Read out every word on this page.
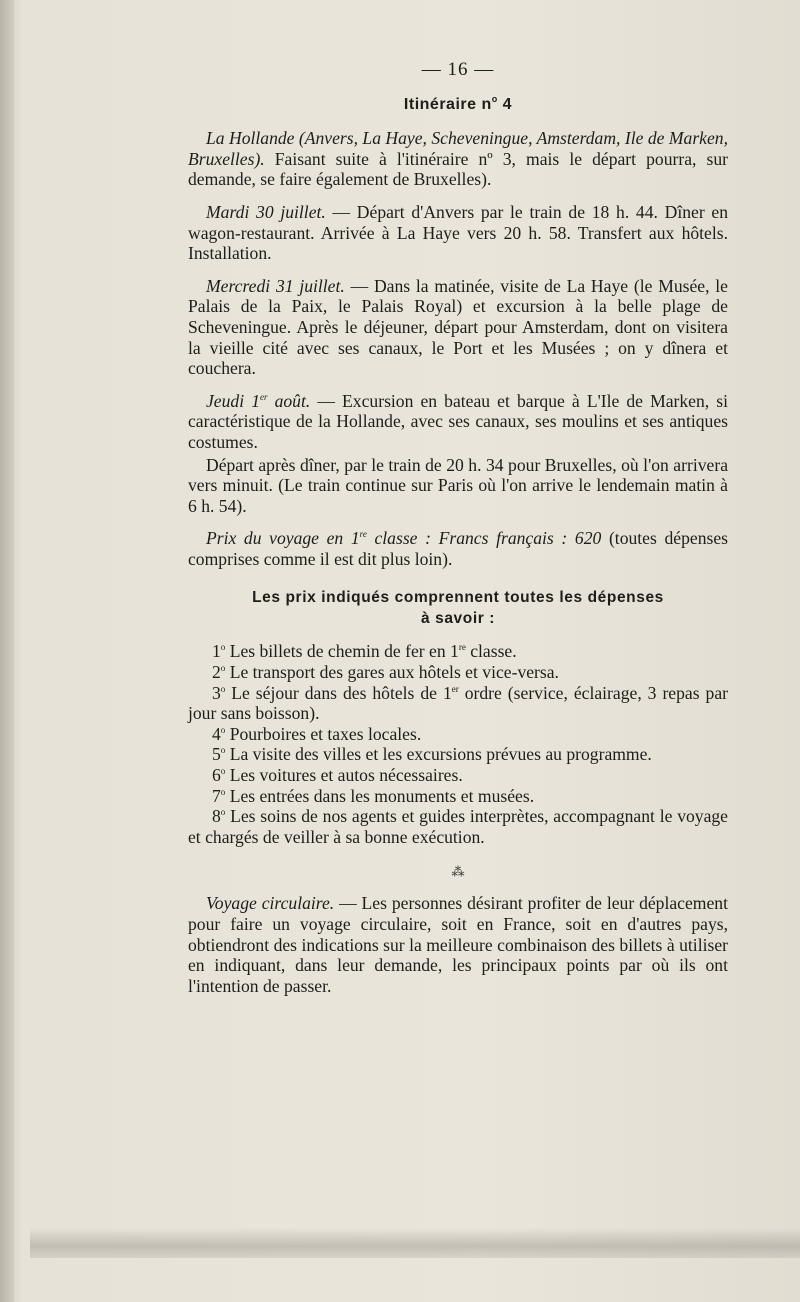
— 16 —
Itinéraire $n^o$ 4

La Hollande (Anvers, La Haye, Scheveningue, Amsterdam, Ile de Marken, Bruxelles). Faisant suite à l'itinéraire nº 3, mais le départ pourra, sur demande, se faire également de Bruxelles).

Mardi 30 juillet. — Départ d'Anvers par le train de 18 h. 44. Dîner en wagon-restaurant. Arrivée à La Haye vers 20 h. 58. Transfert aux hôtels. Installation.

Mercredi 31 juillet. — Dans la matinée, visite de La Haye (le Musée, le Palais de la Paix, le Palais Royal) et excursion à la belle plage de Scheveningue. Après le déjeuner, départ pour Amsterdam, dont on visitera la vieille cité avec ses canaux, le Port et les Musées ; on y dînera et couchera.

Jeudi 1er août. — Excursion en bateau et barque à L'Ile de Marken, si caractéristique de la Hollande, avec ses canaux, ses moulins et ses antiques costumes.

Départ après dîner, par le train de 20 h. 34 pour Bruxelles, où l'on arrivera vers minuit. (Le train continue sur Paris où l'on arrive le lendemain matin à 6 h. 54).

Prix du voyage en 1re classe : Francs français : 620 (toutes dépenses comprises comme il est dit plus loin).

Les prix indiqués comprennent toutes les dépenses
à savoir :

1$^o$ Les billets de chemin de fer en 1re classe.

2$^o$ Le transport des gares aux hôtels et vice-versa.

3$^o$ Le séjour dans des hôtels de 1er ordre (service, éclairage, 3 repas par jour sans boisson).

4$^o$ Pourboires et taxes locales.

5$^o$ La visite des villes et les excursions prévues au programme.

6$^o$ Les voitures et autos nécessaires.

7$^o$ Les entrées dans les monuments et musées.

8$^o$ Les soins de nos agents et guides interprètes, accompagnant le voyage et chargés de veiller à sa bonne exécution.

⁂

Voyage circulaire. — Les personnes désirant profiter de leur déplacement pour faire un voyage circulaire, soit en France, soit en d'autres pays, obtiendront des indications sur la meilleure combinaison des billets à utiliser en indiquant, dans leur demande, les principaux points par où ils ont l'intention de passer.
